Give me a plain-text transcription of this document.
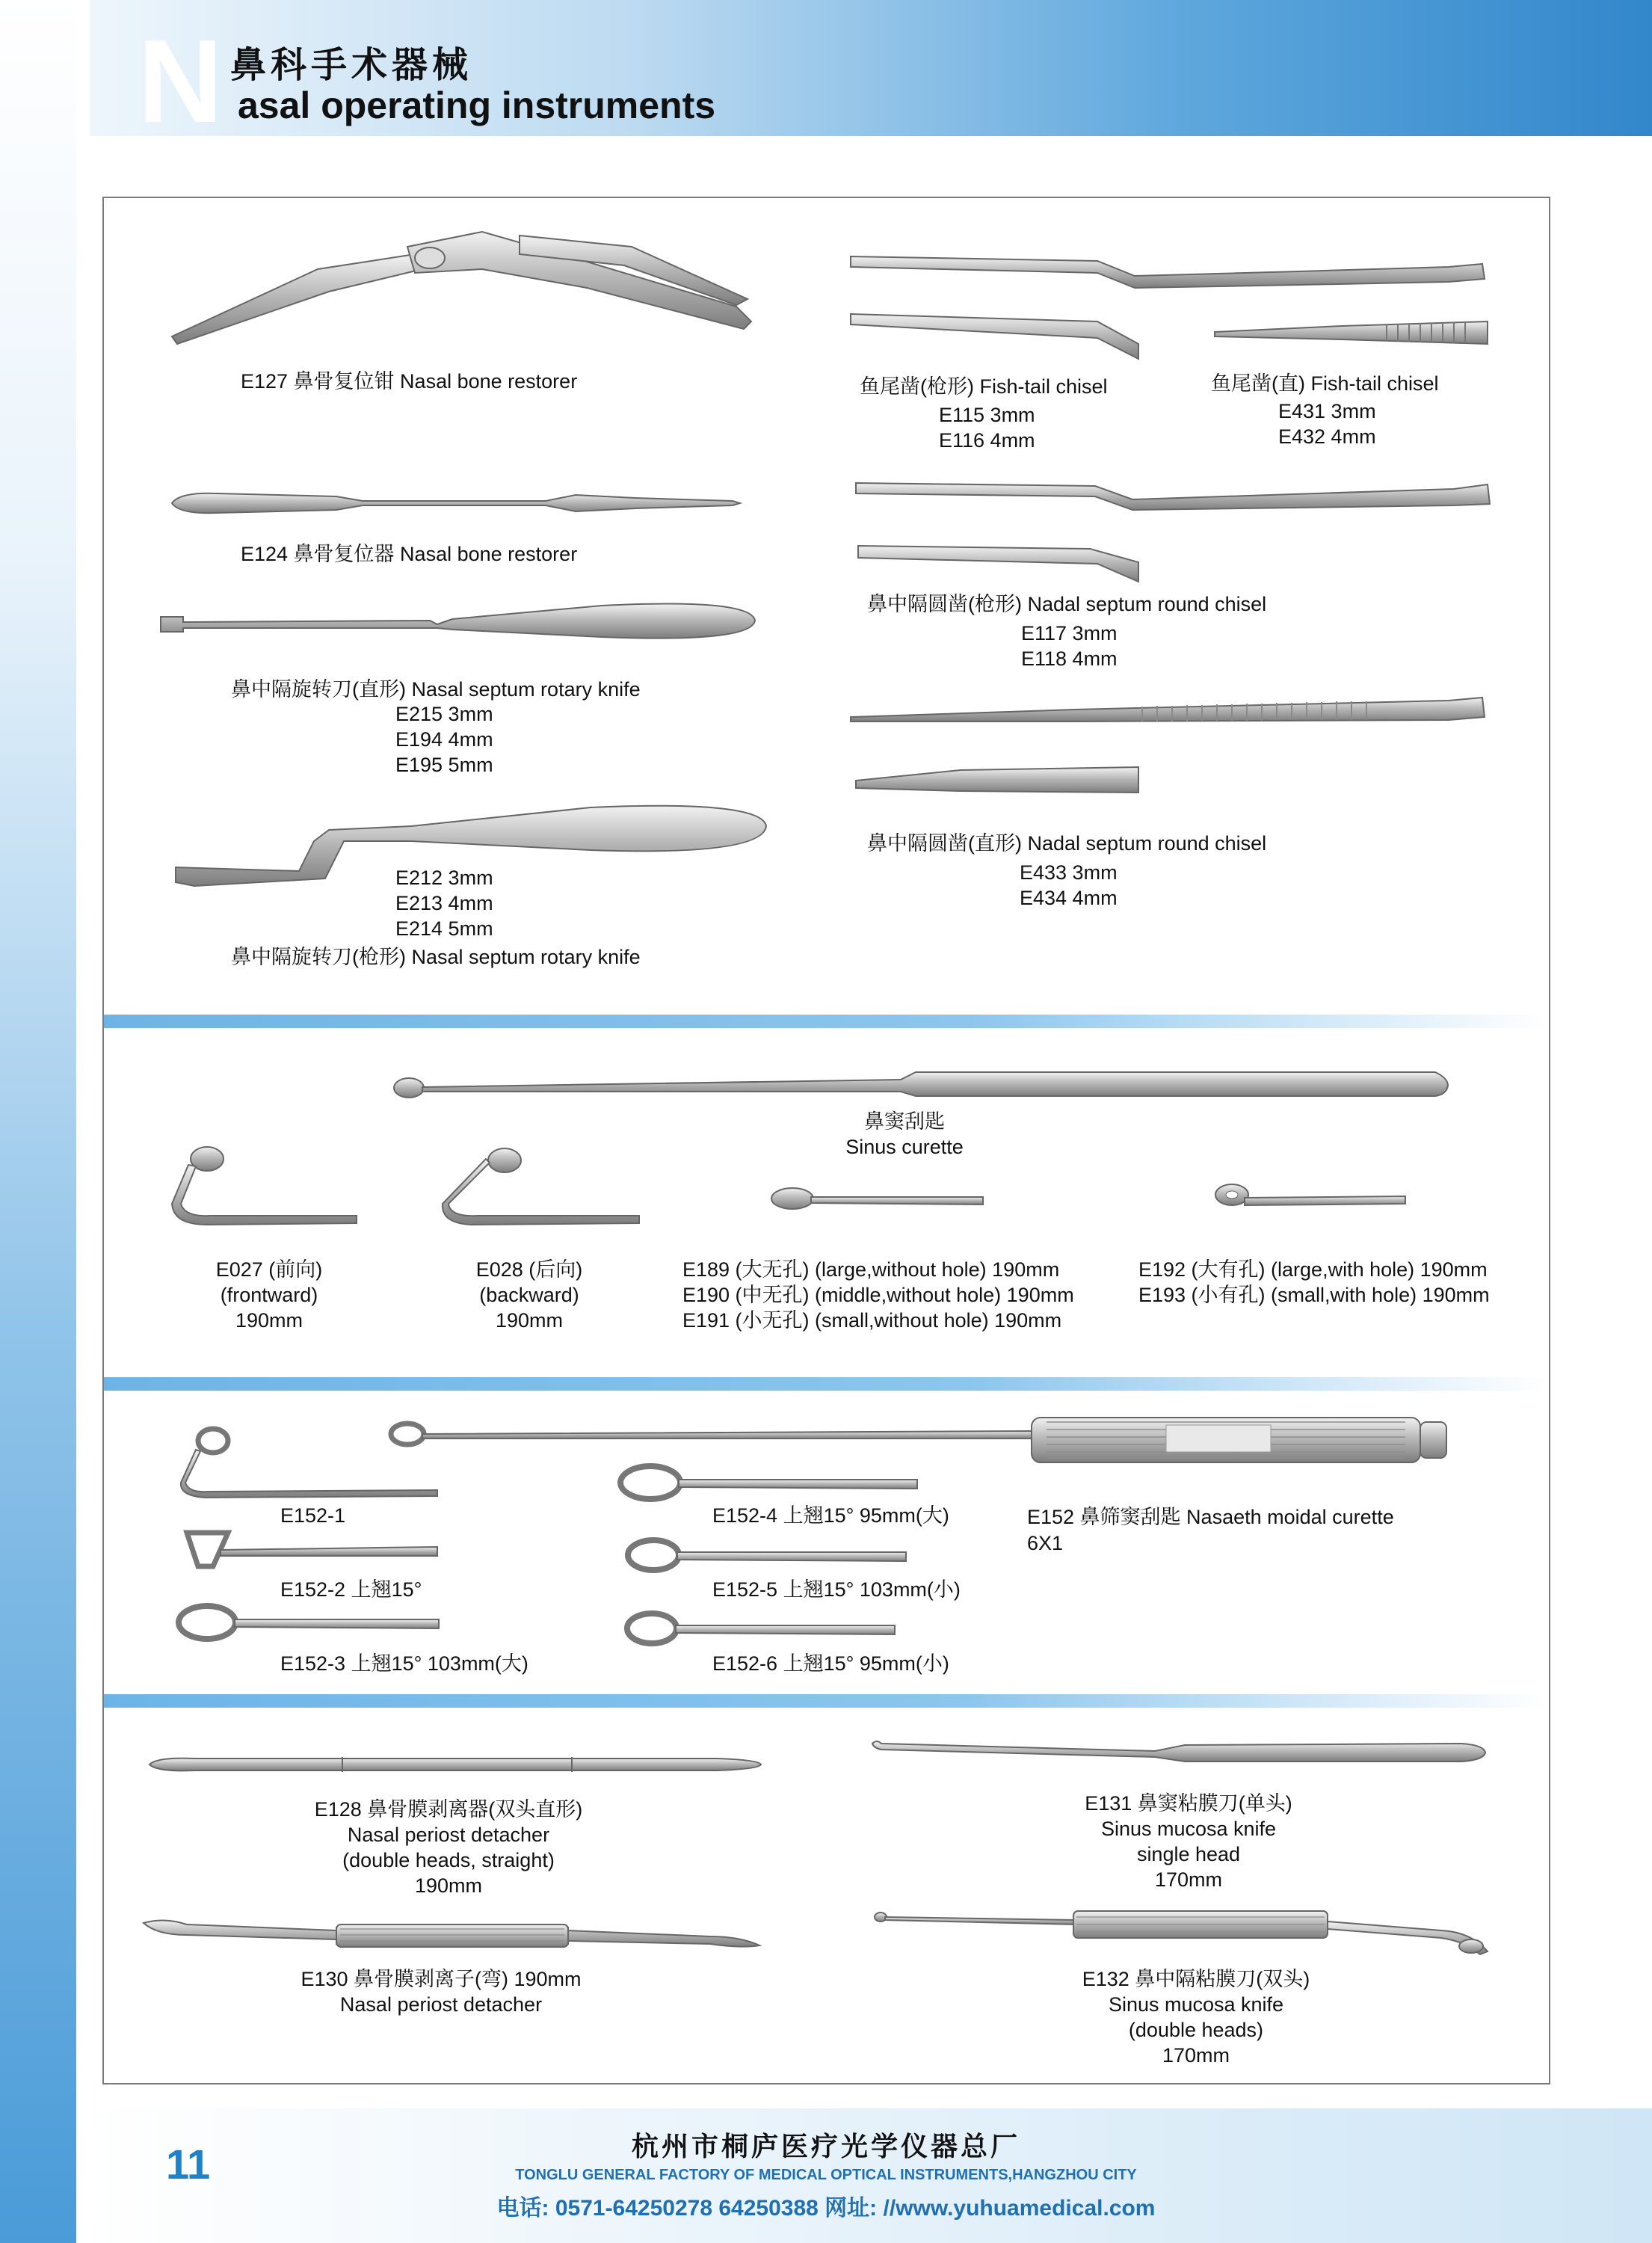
N 鼻科手术器械
asal operating instruments
E127 鼻骨复位钳 Nasal bone restorer
E124 鼻骨复位器 Nasal bone restorer
鼻中隔旋转刀(直形) Nasal septum rotary knife
E215 3mm
E194 4mm
E195 5mm
E212 3mm
E213 4mm
E214 5mm
鼻中隔旋转刀(枪形) Nasal septum rotary knife
鱼尾凿(枪形) Fish-tail chisel
E115 3mm
E116 4mm
鱼尾凿(直) Fish-tail chisel
E431 3mm
E432 4mm
鼻中隔圆凿(枪形) Nadal septum round chisel
E117 3mm
E118 4mm
鼻中隔圆凿(直形) Nadal septum round chisel
E433 3mm
E434 4mm
鼻窦刮匙
Sinus curette
E027 (前向)
(frontward)
190mm
E028 (后向)
(backward)
190mm
E189 (大无孔) (large,without hole) 190mm
E190 (中无孔) (middle,without hole) 190mm
E191 (小无孔) (small,without hole) 190mm
E192 (大有孔) (large,with hole) 190mm
E193 (小有孔) (small,with hole) 190mm
E152-1
E152-2 上翘15°
E152-3 上翘15° 103mm(大)
E152-4 上翘15° 95mm(大)
E152-5 上翘15° 103mm(小)
E152-6 上翘15° 95mm(小)
E152 鼻筛窦刮匙 Nasaeth moidal curette
6X1
E128 鼻骨膜剥离器(双头直形)
Nasal periost detacher
(double heads, straight)
190mm
E130 鼻骨膜剥离子(弯) 190mm
Nasal periost detacher
E131 鼻窦粘膜刀(单头)
Sinus mucosa knife
single head
170mm
E132 鼻中隔粘膜刀(双头)
Sinus mucosa knife
(double heads)
170mm
11	杭州市桐庐医疗光学仪器总厂
TONGLU GENERAL FACTORY OF MEDICAL OPTICAL INSTRUMENTS,HANGZHOU CITY
电话: 0571-64250278 64250388 网址: //www.yuhuamedical.com
